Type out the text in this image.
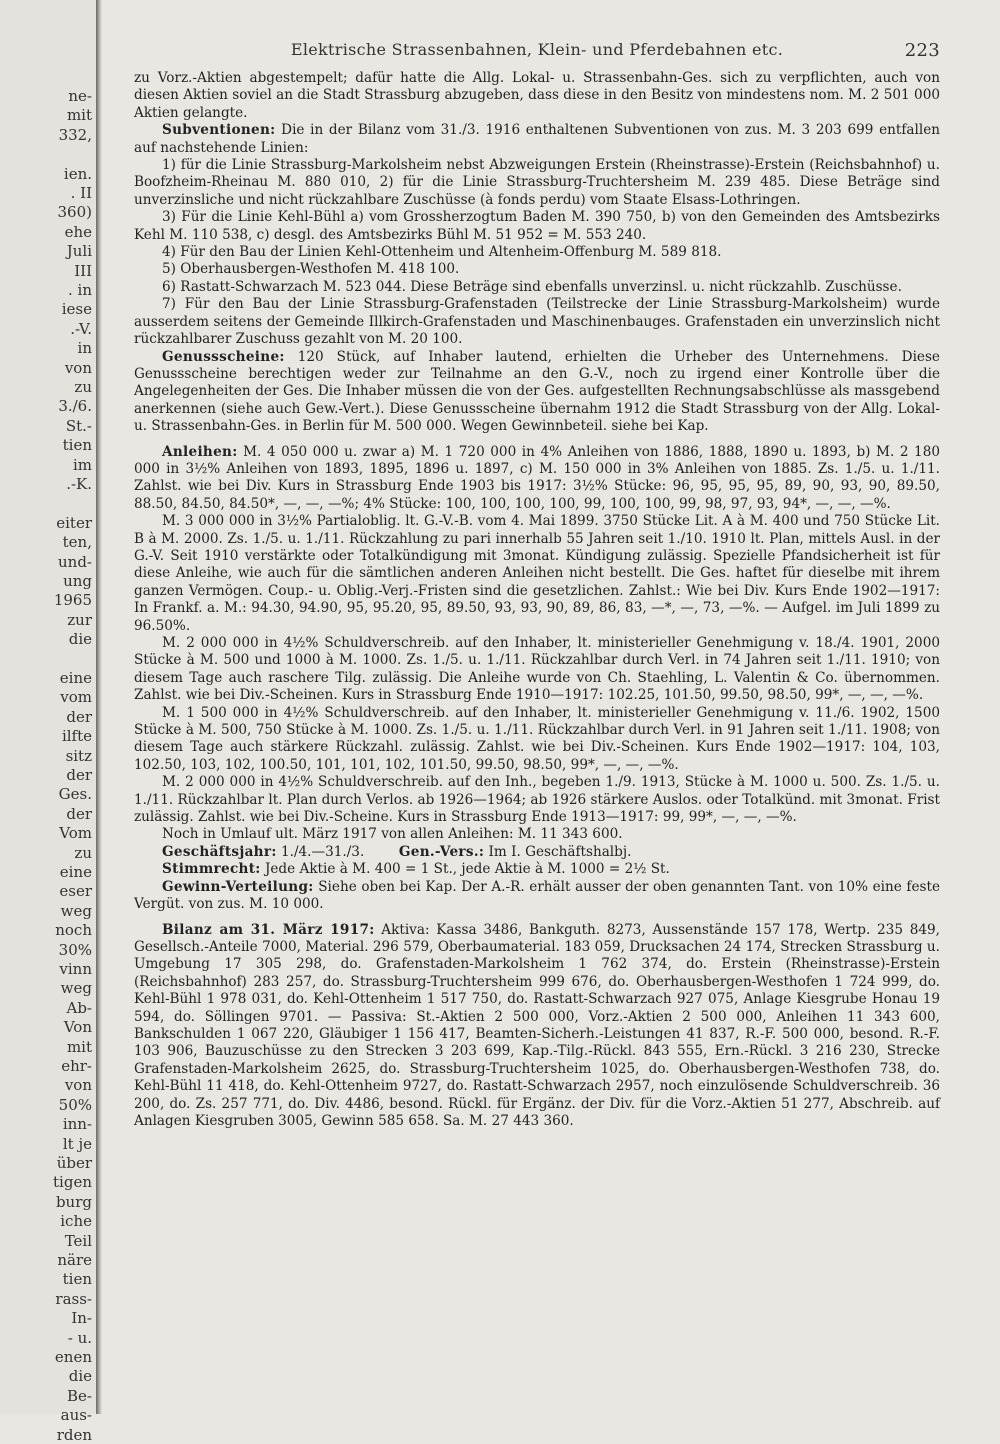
ne-
mit
332,
ien.
. II
360)
ehe
Juli
III
. in
iese
.-V.
in
von
zu
3./6.
St.-
tien
im
.-K.
eiter
ten,
und-
ung
1965
zur
die
eine
vom
der
ilfte
sitz
der
Ges.
der
Vom
zu
eine
eser
weg
noch
30%
vinn
weg
Ab-
Von
mit
ehr-
von
50%
inn-
lt je
über
tigen
burg
iche
Teil
näre
tien
rass-
In-
- u.
enen
die
Be-
aus-
rden
Elektrische Strassenbahnen, Klein- und Pferdebahnen etc.	223

zu Vorz.-Aktien abgestempelt; dafür hatte die Allg. Lokal- u. Strassenbahn-Ges. sich zu verpflichten, auch von diesen Aktien soviel an die Stadt Strassburg abzugeben, dass diese in den Besitz von mindestens nom. M. 2 501 000 Aktien gelangte.

Subventionen: Die in der Bilanz vom 31./3. 1916 enthaltenen Subventionen von zus. M. 3 203 699 entfallen auf nachstehende Linien:

1) für die Linie Strassburg-Markolsheim nebst Abzweigungen Erstein (Rheinstrasse)-Erstein (Reichsbahnhof) u. Boofzheim-Rheinau M. 880 010, 2) für die Linie Strassburg-Truchtersheim M. 239 485. Diese Beträge sind unverzinsliche und nicht rückzahlbare Zuschüsse (à fonds perdu) vom Staate Elsass-Lothringen.

3) Für die Linie Kehl-Bühl a) vom Grossherzogtum Baden M. 390 750, b) von den Gemeinden des Amtsbezirks Kehl M. 110 538, c) desgl. des Amtsbezirks Bühl M. 51 952 = M. 553 240.

4) Für den Bau der Linien Kehl-Ottenheim und Altenheim-Offenburg M. 589 818.

5) Oberhausbergen-Westhofen M. 418 100.

6) Rastatt-Schwarzach M. 523 044. Diese Beträge sind ebenfalls unverzinsl. u. nicht rückzahlb. Zuschüsse.

7) Für den Bau der Linie Strassburg-Grafenstaden (Teilstrecke der Linie Strassburg-Markolsheim) wurde ausserdem seitens der Gemeinde Illkirch-Grafenstaden und Maschinenbauges. Grafenstaden ein unverzinslich nicht rückzahlbarer Zuschuss gezahlt von M. 20 100.

Genussscheine: 120 Stück, auf Inhaber lautend, erhielten die Urheber des Unternehmens. Diese Genussscheine berechtigen weder zur Teilnahme an den G.-V., noch zu irgend einer Kontrolle über die Angelegenheiten der Ges. Die Inhaber müssen die von der Ges. aufgestellten Rechnungsabschlüsse als massgebend anerkennen (siehe auch Gew.-Vert.). Diese Genussscheine übernahm 1912 die Stadt Strassburg von der Allg. Lokal- u. Strassenbahn-Ges. in Berlin für M. 500 000. Wegen Gewinnbeteil. siehe bei Kap.

Anleihen: M. 4 050 000 u. zwar a) M. 1 720 000 in 4% Anleihen von 1886, 1888, 1890 u. 1893, b) M. 2 180 000 in 3½% Anleihen von 1893, 1895, 1896 u. 1897, c) M. 150 000 in 3% Anleihen von 1885. Zs. 1./5. u. 1./11. Zahlst. wie bei Div. Kurs in Strassburg Ende 1903 bis 1917: 3½% Stücke: 96, 95, 95, 95, 89, 90, 93, 90, 89.50, 88.50, 84.50, 84.50*, —, —, —%; 4% Stücke: 100, 100, 100, 100, 99, 100, 100, 99, 98, 97, 93, 94*, —, —, —%.

M. 3 000 000 in 3½% Partialoblig. lt. G.-V.-B. vom 4. Mai 1899. 3750 Stücke Lit. A à M. 400 und 750 Stücke Lit. B à M. 2000. Zs. 1./5. u. 1./11. Rückzahlung zu pari innerhalb 55 Jahren seit 1./10. 1910 lt. Plan, mittels Ausl. in der G.-V. Seit 1910 verstärkte oder Totalkündigung mit 3monat. Kündigung zulässig. Spezielle Pfandsicherheit ist für diese Anleihe, wie auch für die sämtlichen anderen Anleihen nicht bestellt. Die Ges. haftet für dieselbe mit ihrem ganzen Vermögen. Coup.- u. Oblig.-Verj.-Fristen sind die gesetzlichen. Zahlst.: Wie bei Div. Kurs Ende 1902—1917: In Frankf. a. M.: 94.30, 94.90, 95, 95.20, 95, 89.50, 93, 93, 90, 89, 86, 83, —*, —, 73, —%. — Aufgel. im Juli 1899 zu 96.50%.

M. 2 000 000 in 4½% Schuldverschreib. auf den Inhaber, lt. ministerieller Genehmigung v. 18./4. 1901, 2000 Stücke à M. 500 und 1000 à M. 1000. Zs. 1./5. u. 1./11. Rückzahlbar durch Verl. in 74 Jahren seit 1./11. 1910; von diesem Tage auch raschere Tilg. zulässig. Die Anleihe wurde von Ch. Staehling, L. Valentin & Co. übernommen. Zahlst. wie bei Div.-Scheinen. Kurs in Strassburg Ende 1910—1917: 102.25, 101.50, 99.50, 98.50, 99*, —, —, —%.

M. 1 500 000 in 4½% Schuldverschreib. auf den Inhaber, lt. ministerieller Genehmigung v. 11./6. 1902, 1500 Stücke à M. 500, 750 Stücke à M. 1000. Zs. 1./5. u. 1./11. Rückzahlbar durch Verl. in 91 Jahren seit 1./11. 1908; von diesem Tage auch stärkere Rückzahl. zulässig. Zahlst. wie bei Div.-Scheinen. Kurs Ende 1902—1917: 104, 103, 102.50, 103, 102, 100.50, 101, 101, 102, 101.50, 99.50, 98.50, 99*, —, —, —%.

M. 2 000 000 in 4½% Schuldverschreib. auf den Inh., begeben 1./9. 1913, Stücke à M. 1000 u. 500. Zs. 1./5. u. 1./11. Rückzahlbar lt. Plan durch Verlos. ab 1926—1964; ab 1926 stärkere Auslos. oder Totalkünd. mit 3monat. Frist zulässig. Zahlst. wie bei Div.-Scheine. Kurs in Strassburg Ende 1913—1917: 99, 99*, —, —, —%.

Noch in Umlauf ult. März 1917 von allen Anleihen: M. 11 343 600.

Geschäftsjahr: 1./4.—31./3.	Gen.-Vers.: Im I. Geschäftshalbj.

Stimmrecht: Jede Aktie à M. 400 = 1 St., jede Aktie à M. 1000 = 2½ St.

Gewinn-Verteilung: Siehe oben bei Kap. Der A.-R. erhält ausser der oben genannten Tant. von 10% eine feste Vergüt. von zus. M. 10 000.

Bilanz am 31. März 1917: Aktiva: Kassa 3486, Bankguth. 8273, Aussenstände 157 178, Wertp. 235 849, Gesellsch.-Anteile 7000, Material. 296 579, Oberbaumaterial. 183 059, Drucksachen 24 174, Strecken Strassburg u. Umgebung 17 305 298, do. Grafenstaden-Markolsheim 1 762 374, do. Erstein (Rheinstrasse)-Erstein (Reichsbahnhof) 283 257, do. Strassburg-Truchtersheim 999 676, do. Oberhausbergen-Westhofen 1 724 999, do. Kehl-Bühl 1 978 031, do. Kehl-Ottenheim 1 517 750, do. Rastatt-Schwarzach 927 075, Anlage Kiesgrube Honau 19 594, do. Söllingen 9701. — Passiva: St.-Aktien 2 500 000, Vorz.-Aktien 2 500 000, Anleihen 11 343 600, Bankschulden 1 067 220, Gläubiger 1 156 417, Beamten-Sicherh.-Leistungen 41 837, R.-F. 500 000, besond. R.-F. 103 906, Bauzuschüsse zu den Strecken 3 203 699, Kap.-Tilg.-Rückl. 843 555, Ern.-Rückl. 3 216 230, Strecke Grafenstaden-Markolsheim 2625, do. Strassburg-Truchtersheim 1025, do. Oberhausbergen-Westhofen 738, do. Kehl-Bühl 11 418, do. Kehl-Ottenheim 9727, do. Rastatt-Schwarzach 2957, noch einzulösende Schuldverschreib. 36 200, do. Zs. 257 771, do. Div. 4486, besond. Rückl. für Ergänz. der Div. für die Vorz.-Aktien 51 277, Abschreib. auf Anlagen Kiesgruben 3005, Gewinn 585 658. Sa. M. 27 443 360.
